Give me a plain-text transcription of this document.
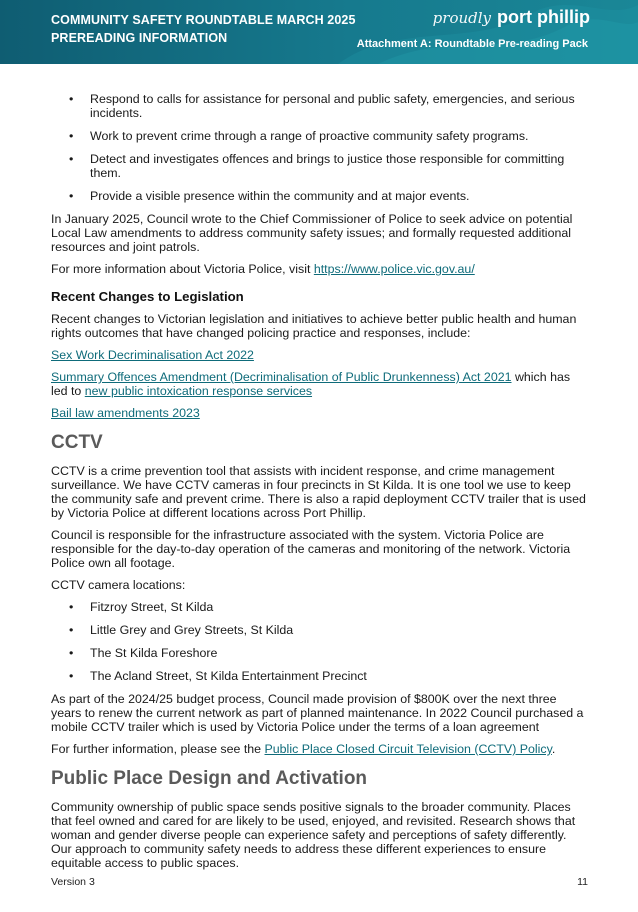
COMMUNITY SAFETY ROUNDTABLE MARCH 2025
PREREADING INFORMATION
proudly port phillip
Attachment A: Roundtable Pre-reading Pack
• Respond to calls for assistance for personal and public safety, emergencies, and serious incidents.
• Work to prevent crime through a range of proactive community safety programs.
• Detect and investigates offences and brings to justice those responsible for committing them.
• Provide a visible presence within the community and at major events.

In January 2025, Council wrote to the Chief Commissioner of Police to seek advice on potential Local Law amendments to address community safety issues; and formally requested additional resources and joint patrols.

For more information about Victoria Police, visit https://www.police.vic.gov.au/

Recent Changes to Legislation

Recent changes to Victorian legislation and initiatives to achieve better public health and human rights outcomes that have changed policing practice and responses, include:

Sex Work Decriminalisation Act 2022

Summary Offences Amendment (Decriminalisation of Public Drunkenness) Act 2021 which has led to new public intoxication response services

Bail law amendments 2023

CCTV

CCTV is a crime prevention tool that assists with incident response, and crime management surveillance. We have CCTV cameras in four precincts in St Kilda. It is one tool we use to keep the community safe and prevent crime. There is also a rapid deployment CCTV trailer that is used by Victoria Police at different locations across Port Phillip.

Council is responsible for the infrastructure associated with the system. Victoria Police are responsible for the day-to-day operation of the cameras and monitoring of the network. Victoria Police own all footage.

CCTV camera locations:

• Fitzroy Street, St Kilda
• Little Grey and Grey Streets, St Kilda
• The St Kilda Foreshore
• The Acland Street, St Kilda Entertainment Precinct

As part of the 2024/25 budget process, Council made provision of $800K over the next three years to renew the current network as part of planned maintenance. In 2022 Council purchased a mobile CCTV trailer which is used by Victoria Police under the terms of a loan agreement

For further information, please see the Public Place Closed Circuit Television (CCTV) Policy.

Public Place Design and Activation

Community ownership of public space sends positive signals to the broader community. Places that feel owned and cared for are likely to be used, enjoyed, and revisited. Research shows that woman and gender diverse people can experience safety and perceptions of safety differently. Our approach to community safety needs to address these different experiences to ensure equitable access to public spaces.

Version 3	11
